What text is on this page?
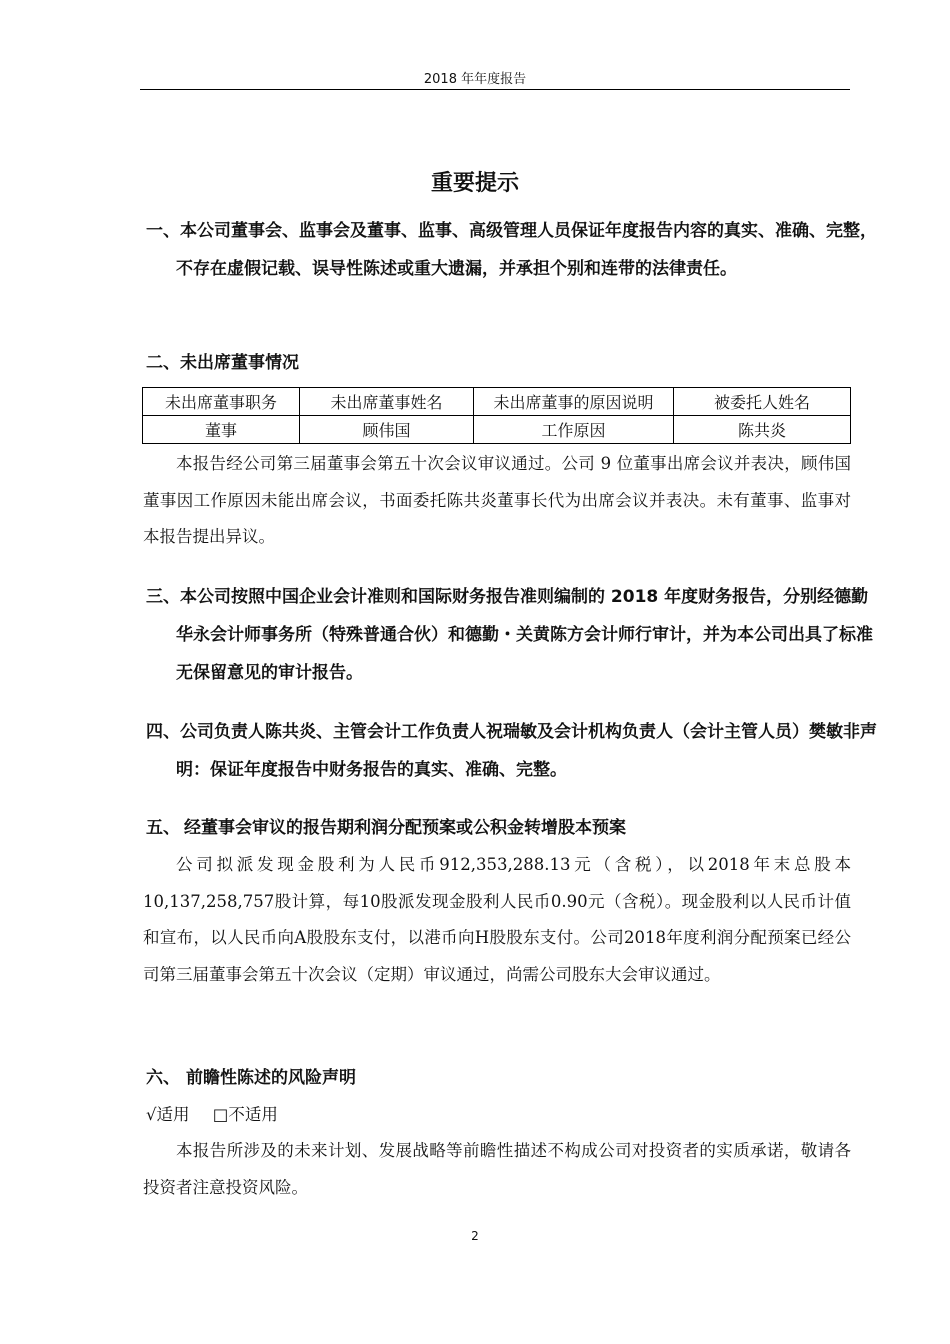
2018 年年度报告
重要提示

一、本公司董事会、监事会及董事、监事、高级管理人员保证年度报告内容的真实、准确、完整，不存在虚假记载、误导性陈述或重大遗漏，并承担个别和连带的法律责任。

二、未出席董事情况

未出席董事职务	未出席董事姓名	未出席董事的原因说明	被委托人姓名
董事	顾伟国	工作原因	陈共炎

本报告经公司第三届董事会第五十次会议审议通过。公司 9 位董事出席会议并表决，顾伟国董事因工作原因未能出席会议，书面委托陈共炎董事长代为出席会议并表决。未有董事、监事对本报告提出异议。

三、本公司按照中国企业会计准则和国际财务报告准则编制的 2018 年度财务报告，分别经德勤华永会计师事务所（特殊普通合伙）和德勤・关黄陈方会计师行审计，并为本公司出具了标准无保留意见的审计报告。

四、公司负责人陈共炎、主管会计工作负责人祝瑞敏及会计机构负责人（会计主管人员）樊敏非声明：保证年度报告中财务报告的真实、准确、完整。

五、 经董事会审议的报告期利润分配预案或公积金转增股本预案

公司拟派发现金股利为人民币912,353,288.13元（含税），以2018年末总股本10,137,258,757股计算，每10股派发现金股利人民币0.90元（含税）。现金股利以人民币计值和宣布，以人民币向A股股东支付，以港币向H股股东支付。公司2018年度利润分配预案已经公司第三届董事会第五十次会议（定期）审议通过，尚需公司股东大会审议通过。

六、 前瞻性陈述的风险声明

√适用 □不适用

本报告所涉及的未来计划、发展战略等前瞻性描述不构成公司对投资者的实质承诺，敬请各投资者注意投资风险。

2
